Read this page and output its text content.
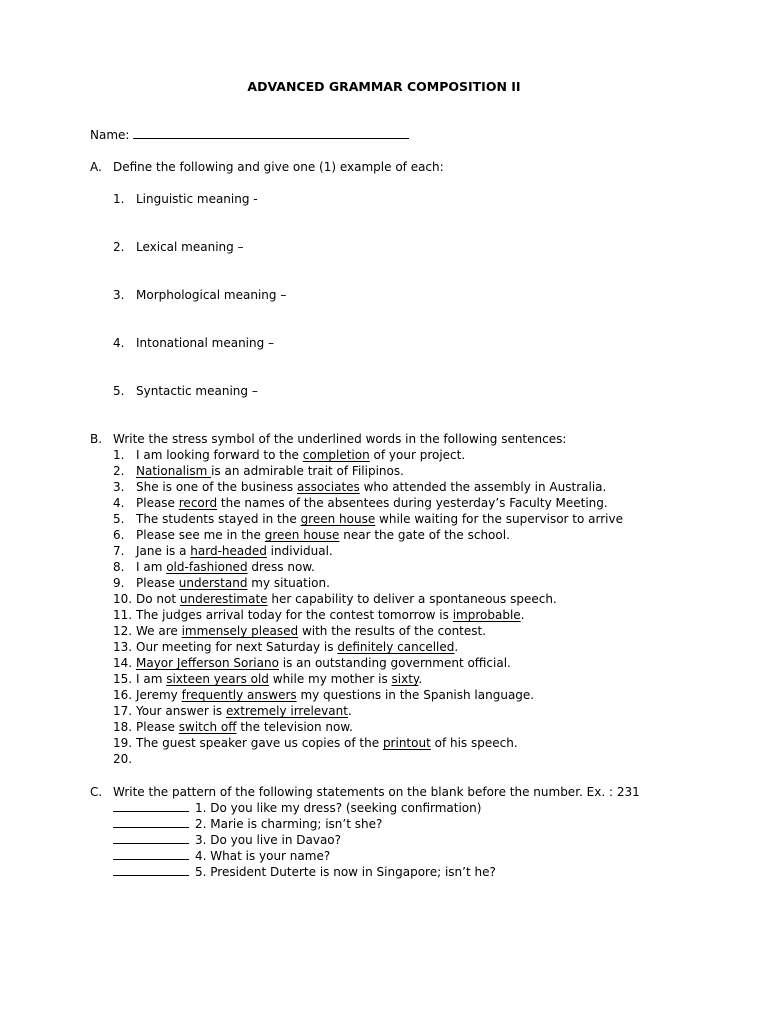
ADVANCED GRAMMAR COMPOSITION II
Name:
A. Define the following and give one (1) example of each:
1. Linguistic meaning -
2. Lexical meaning –
3. Morphological meaning –
4. Intonational meaning –
5. Syntactic meaning –
B. Write the stress symbol of the underlined words in the following sentences:
1. I am looking forward to the completion of your project.
2. Nationalism is an admirable trait of Filipinos.
3. She is one of the business associates who attended the assembly in Australia.
4. Please record the names of the absentees during yesterday’s Faculty Meeting.
5. The students stayed in the green house while waiting for the supervisor to arrive
6. Please see me in the green house near the gate of the school.
7. Jane is a hard-headed individual.
8. I am old-fashioned dress now.
9. Please understand my situation.
10. Do not underestimate her capability to deliver a spontaneous speech.
11. The judges arrival today for the contest tomorrow is improbable.
12. We are immensely pleased with the results of the contest.
13. Our meeting for next Saturday is definitely cancelled.
14. Mayor Jefferson Soriano is an outstanding government official.
15. I am sixteen years old while my mother is sixty.
16. Jeremy frequently answers my questions in the Spanish language.
17. Your answer is extremely irrelevant.
18. Please switch off the television now.
19. The guest speaker gave us copies of the printout of his speech.
20.
C. Write the pattern of the following statements on the blank before the number. Ex. : 231
1. Do you like my dress? (seeking confirmation)
2. Marie is charming; isn’t she?
3. Do you live in Davao?
4. What is your name?
5. President Duterte is now in Singapore; isn’t he?
